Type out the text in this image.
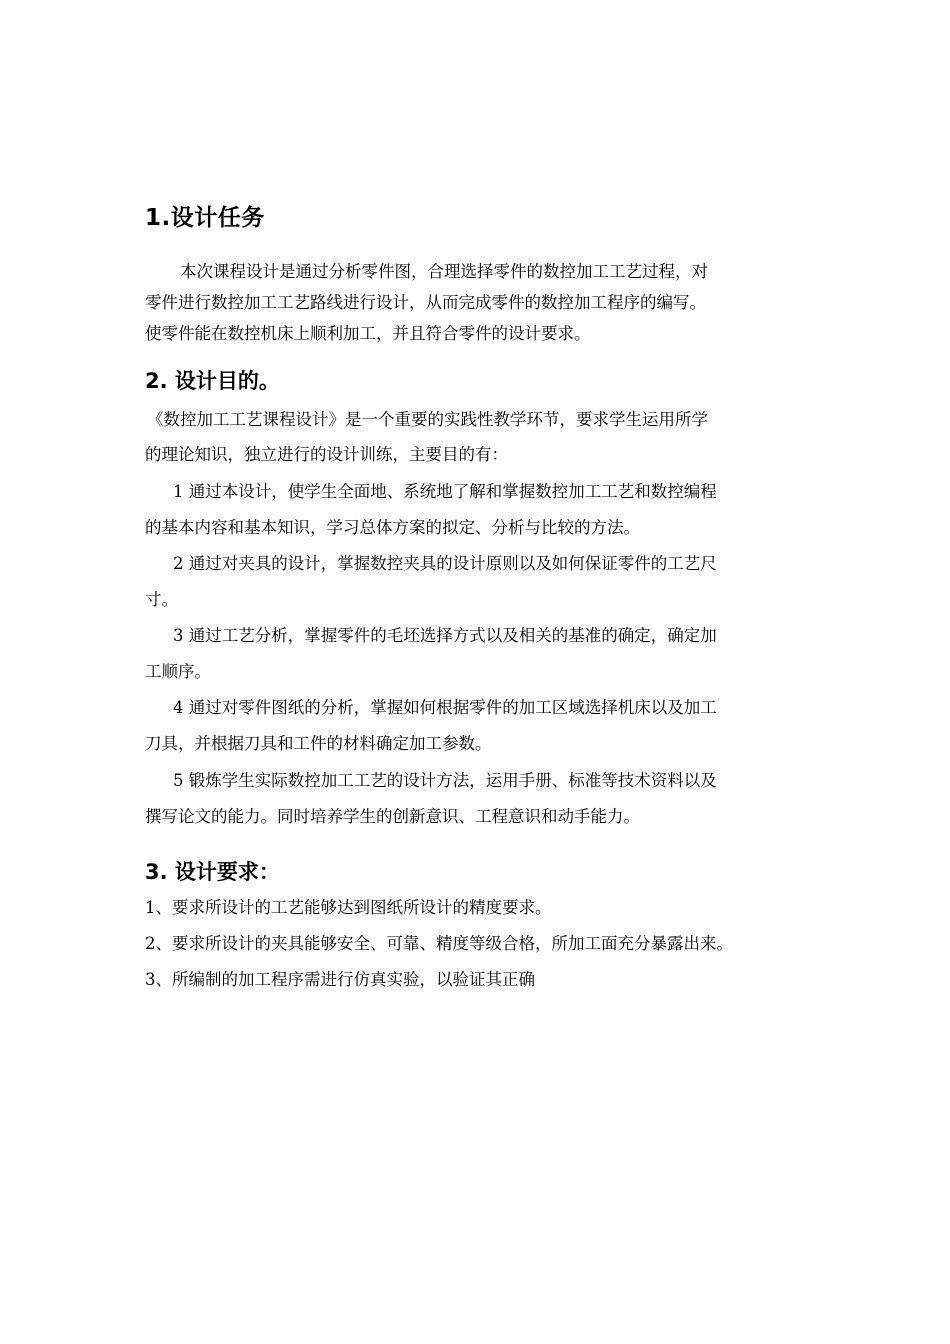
1.设计任务
本次课程设计是通过分析零件图，合理选择零件的数控加工工艺过程，对
零件进行数控加工工艺路线进行设计，从而完成零件的数控加工程序的编写。
使零件能在数控机床上顺利加工，并且符合零件的设计要求。
2. 设计目的。
《数控加工工艺课程设计》是一个重要的实践性教学环节，要求学生运用所学
的理论知识，独立进行的设计训练，主要目的有：
1 通过本设计，使学生全面地、系统地了解和掌握数控加工工艺和数控编程
的基本内容和基本知识，学习总体方案的拟定、分析与比较的方法。
2 通过对夹具的设计，掌握数控夹具的设计原则以及如何保证零件的工艺尺
寸。
3 通过工艺分析，掌握零件的毛坯选择方式以及相关的基准的确定，确定加
工顺序。
4 通过对零件图纸的分析，掌握如何根据零件的加工区域选择机床以及加工
刀具，并根据刀具和工件的材料确定加工参数。
5 锻炼学生实际数控加工工艺的设计方法，运用手册、标准等技术资料以及
撰写论文的能力。同时培养学生的创新意识、工程意识和动手能力。
3. 设计要求：

1、要求所设计的工艺能够达到图纸所设计的精度要求。

2、要求所设计的夹具能够安全、可靠、精度等级合格，所加工面充分暴露出来。

3、所编制的加工程序需进行仿真实验，以验证其正确
